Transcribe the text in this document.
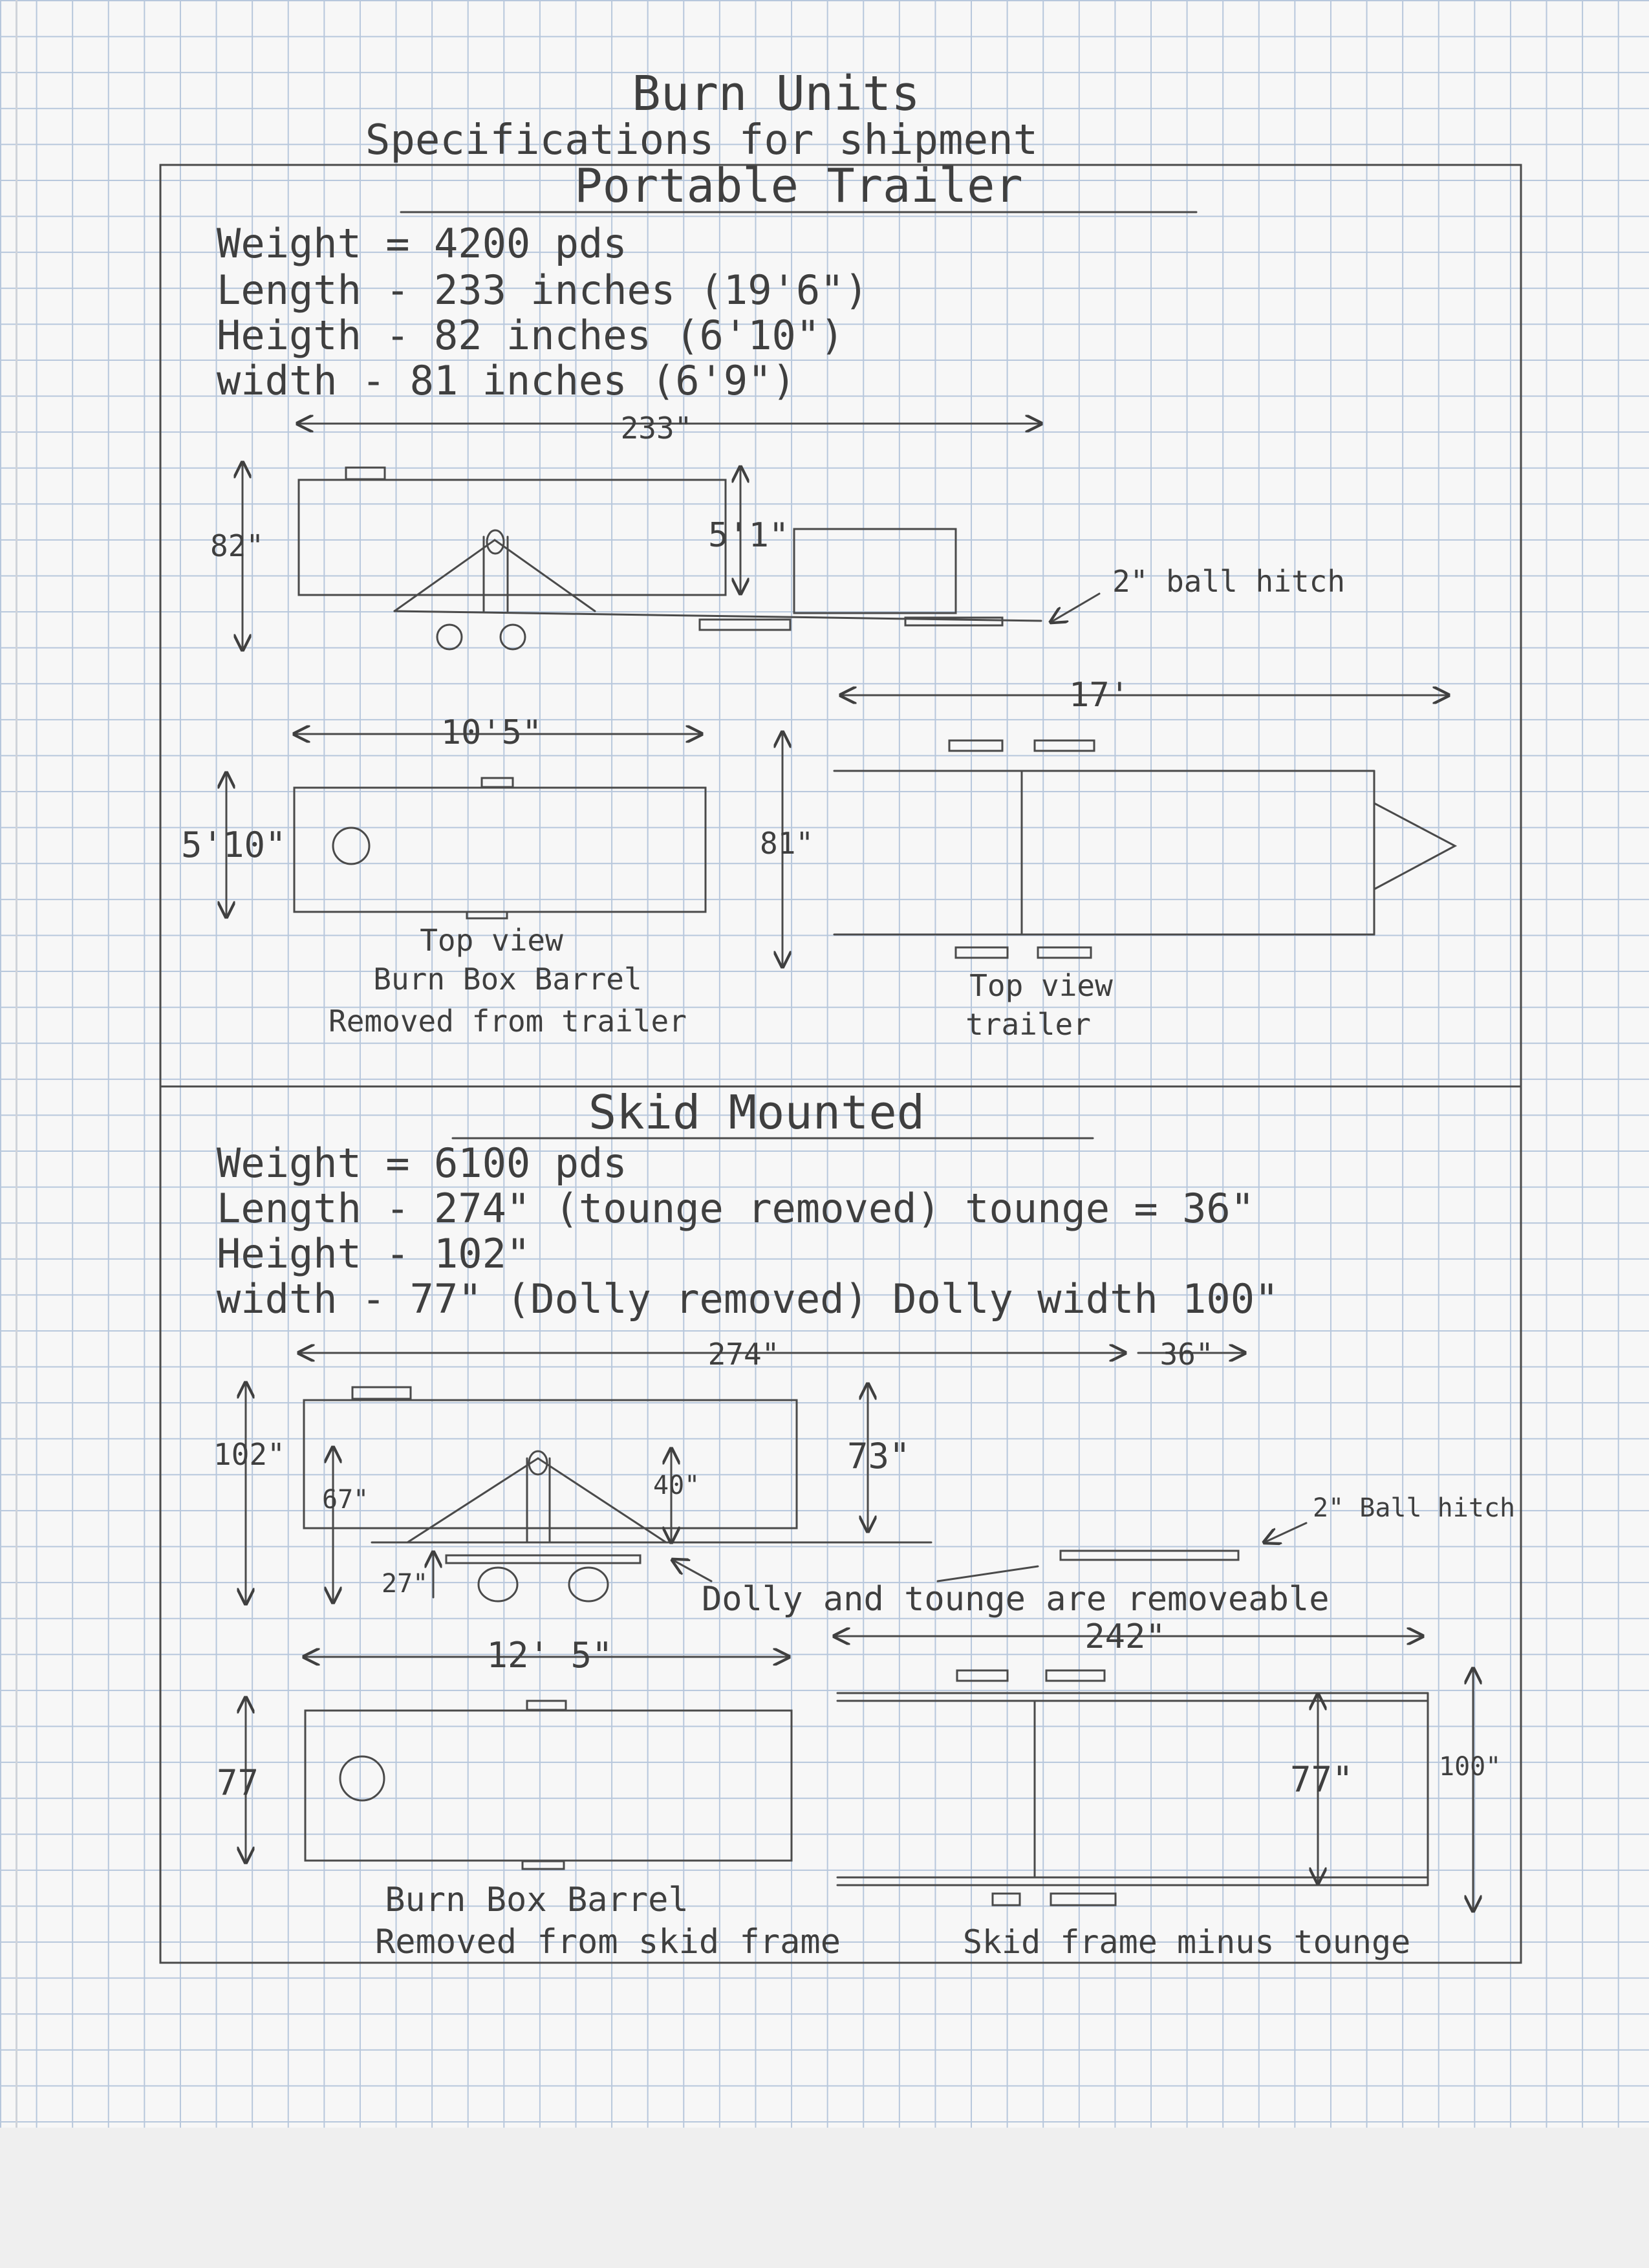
Burn Units
Specifications for shipment
Portable Trailer
Weight = 4200 pds
Length - 233 inches (19'6")
Heigth - 82 inches (6'10")
width - 81 inches (6'9")
233"
82"	5'1"
2" ball hitch
10'5"
5'10"
Top view
Burn Box Barrel
Removed from trailer
17'
81"
Top view
trailer
Skid Mounted
Weight = 6100 pds
Length - 274" (tounge removed) tounge = 36"
Height - 102"
width - 77" (Dolly removed) Dolly width 100"
274"	36"
102"
67"	40"
27"
73"
2" Ball hitch
Dolly and tounge are removeable
12' 5"
77
Burn Box Barrel
Removed from skid frame
242"
77"	100"
Skid frame minus tounge
